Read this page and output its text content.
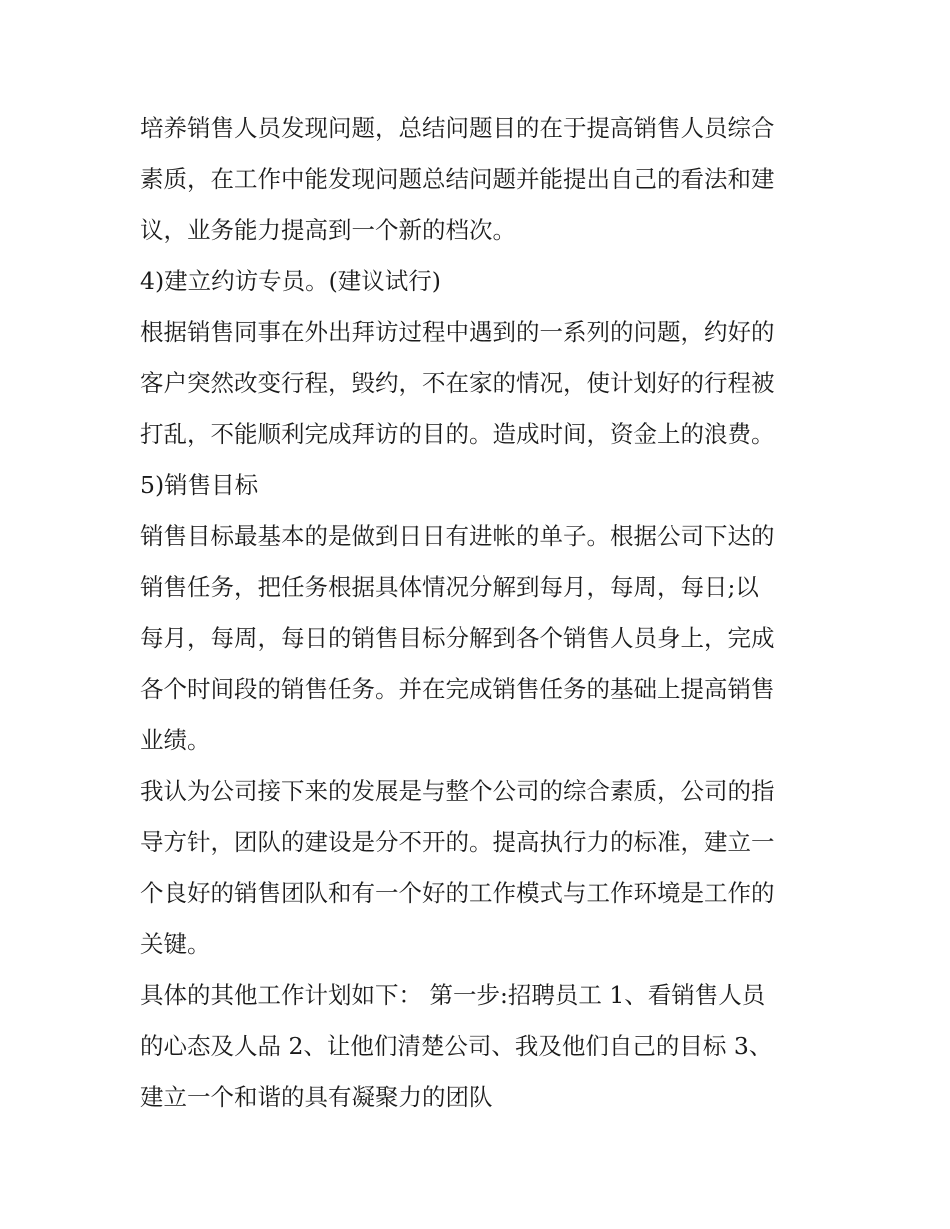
培养销售人员发现问题，总结问题目的在于提高销售人员综合
素质，在工作中能发现问题总结问题并能提出自己的看法和建
议，业务能力提高到一个新的档次。

4)建立约访专员。(建议试行)

根据销售同事在外出拜访过程中遇到的一系列的问题，约好的
客户突然改变行程，毁约，不在家的情况，使计划好的行程被
打乱，不能顺利完成拜访的目的。造成时间，资金上的浪费。

5)销售目标

销售目标最基本的是做到日日有进帐的单子。根据公司下达的
销售任务，把任务根据具体情况分解到每月，每周，每日;以
每月，每周，每日的销售目标分解到各个销售人员身上，完成
各个时间段的销售任务。并在完成销售任务的基础上提高销售
业绩。

我认为公司接下来的发展是与整个公司的综合素质，公司的指
导方针，团队的建设是分不开的。提高执行力的标准，建立一
个良好的销售团队和有一个好的工作模式与工作环境是工作的
关键。

具体的其他工作计划如下： 第一步:招聘员工 1、看销售人员
的心态及人品 2、让他们清楚公司、我及他们自己的目标 3、
建立一个和谐的具有凝聚力的团队
